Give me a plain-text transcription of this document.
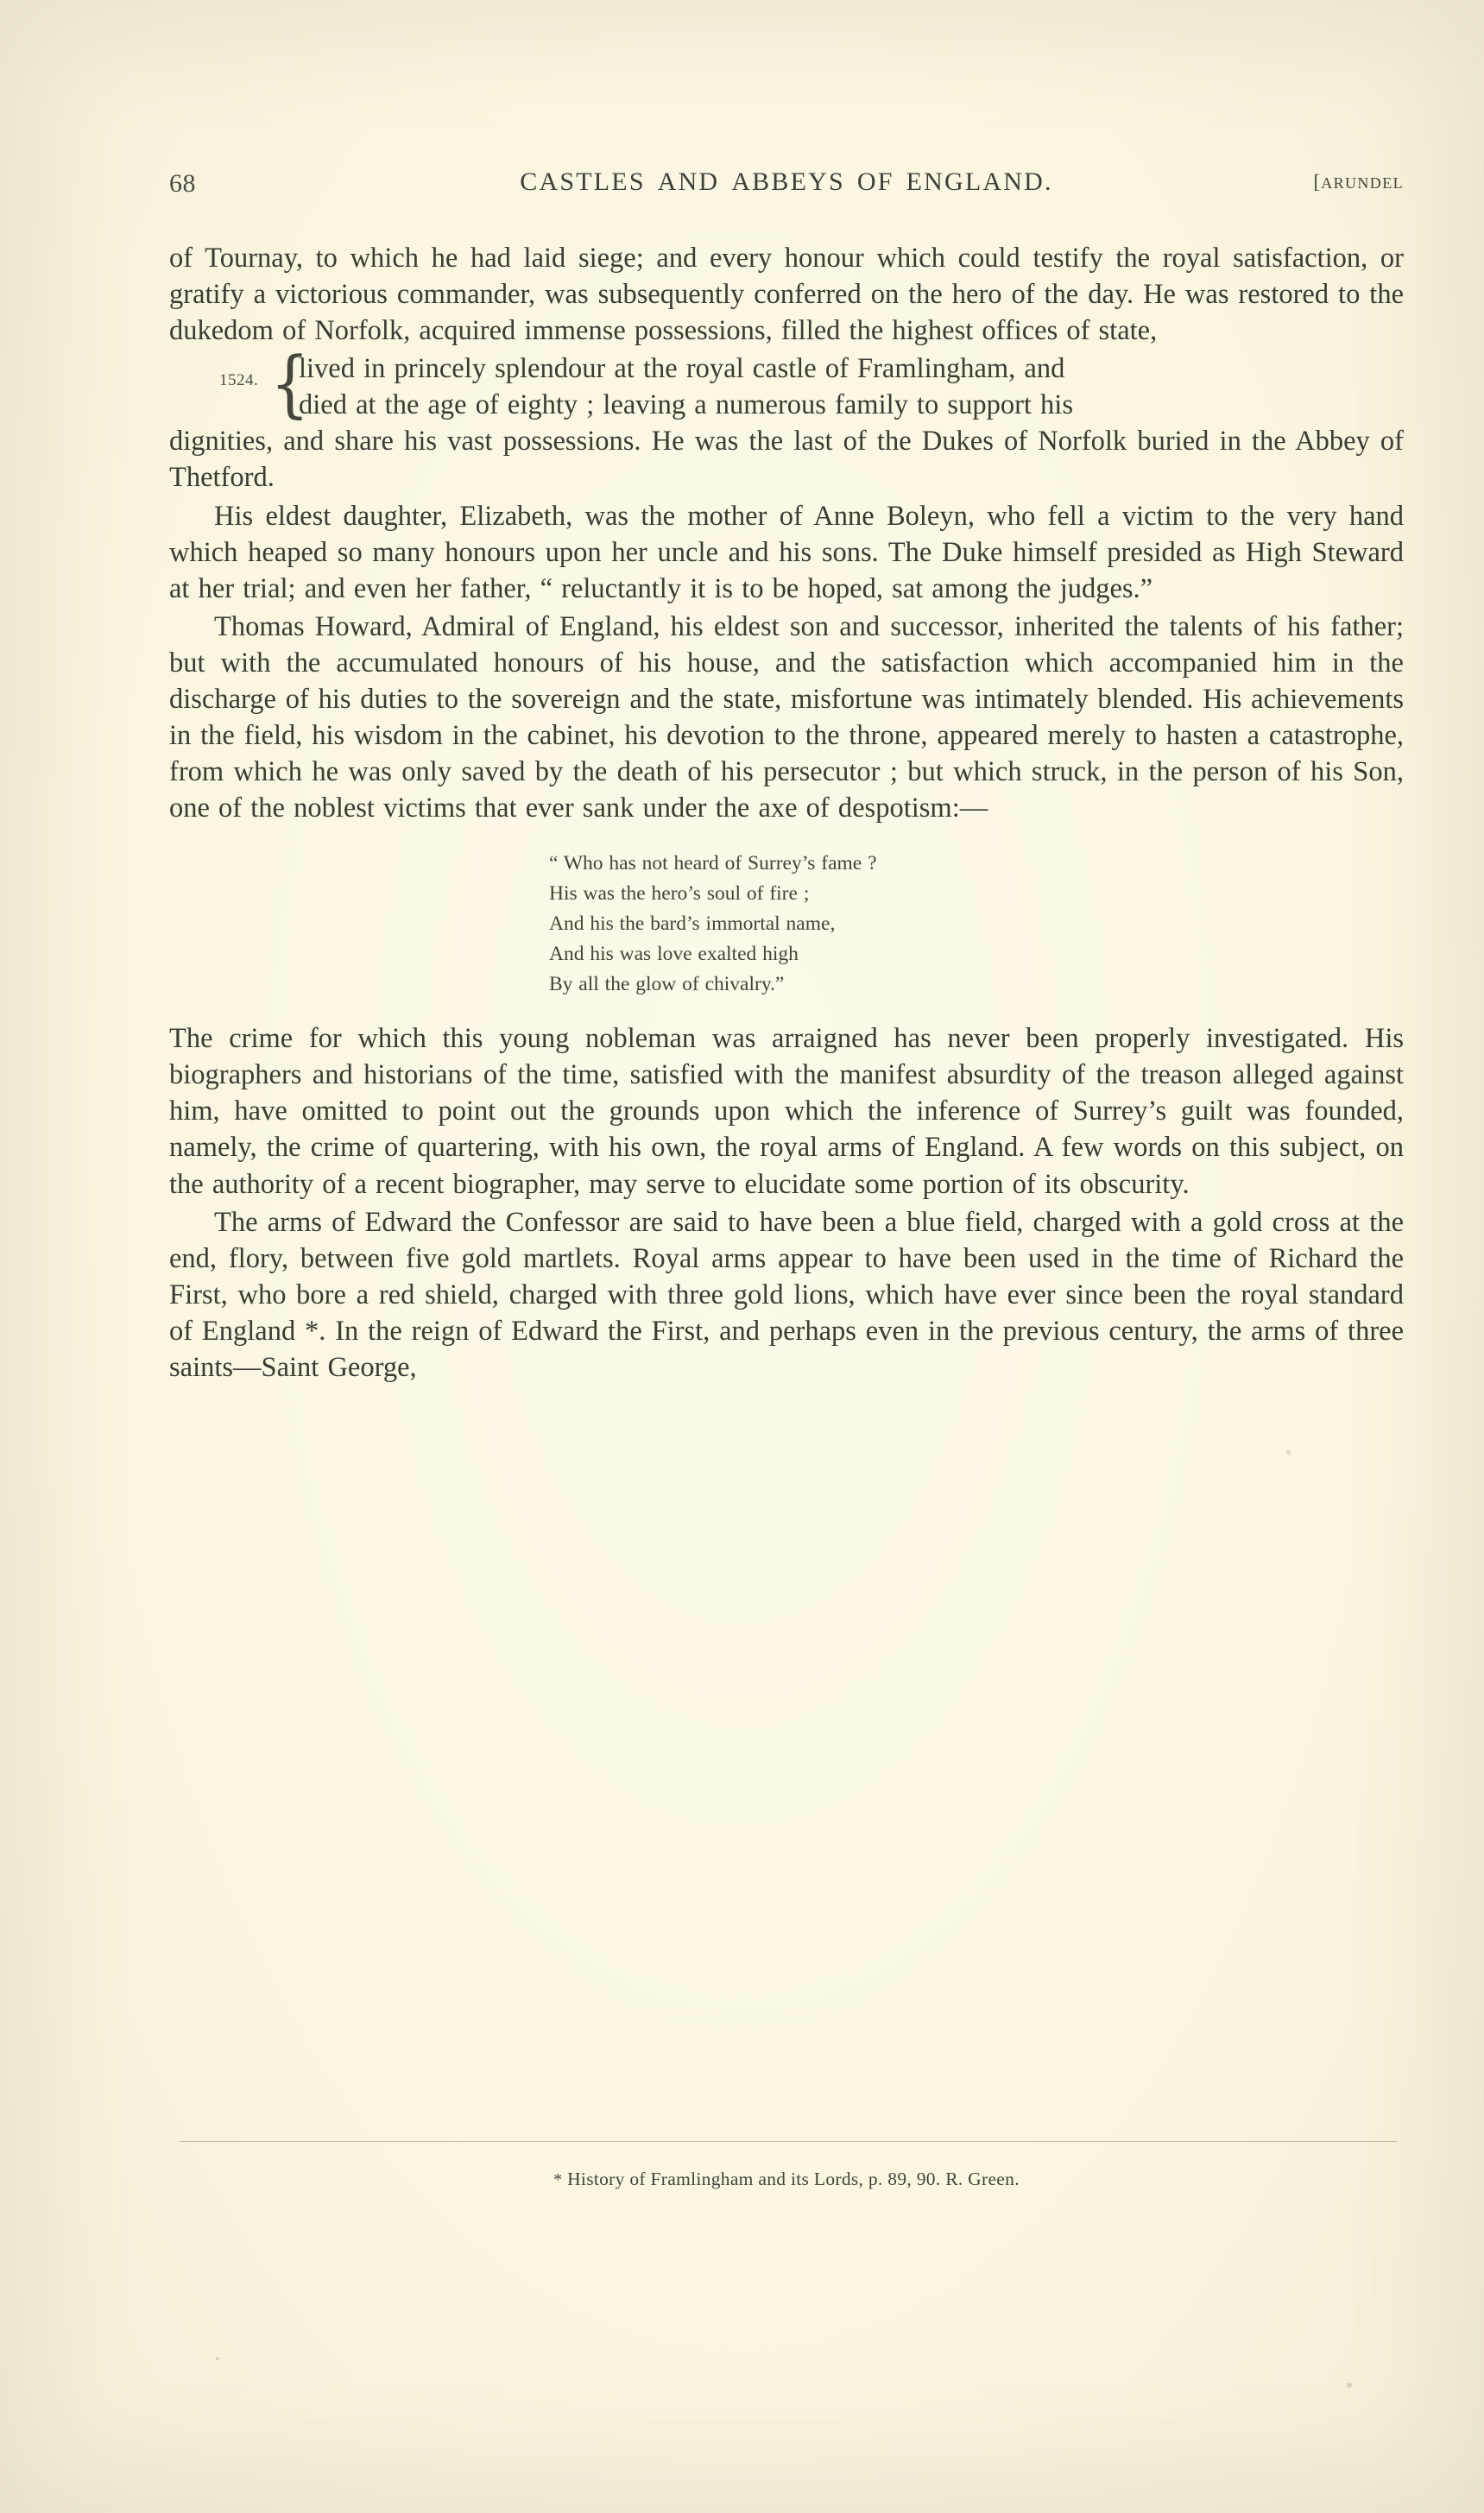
68	CASTLES AND ABBEYS OF ENGLAND.	[ARUNDEL

of Tournay, to which he had laid siege; and every honour which could testify the royal satisfaction, or gratify a victorious commander, was subsequently conferred on the hero of the day. He was restored to the dukedom of Norfolk, acquired immense possessions, filled the highest offices of state,

1524. {
lived in princely splendour at the royal castle of Framlingham, and
died at the age of eighty ; leaving a numerous family to support his

dignities, and share his vast possessions. He was the last of the Dukes of Norfolk buried in the Abbey of Thetford.

His eldest daughter, Elizabeth, was the mother of Anne Boleyn, who fell a victim to the very hand which heaped so many honours upon her uncle and his sons. The Duke himself presided as High Steward at her trial; and even her father, “ reluctantly it is to be hoped, sat among the judges.”

Thomas Howard, Admiral of England, his eldest son and successor, inherited the talents of his father; but with the accumulated honours of his house, and the satisfaction which accompanied him in the discharge of his duties to the sovereign and the state, misfortune was intimately blended. His achievements in the field, his wisdom in the cabinet, his devotion to the throne, appeared merely to hasten a catastrophe, from which he was only saved by the death of his persecutor ; but which struck, in the person of his Son, one of the noblest victims that ever sank under the axe of despotism:—

“ Who has not heard of Surrey’s fame ?
His was the hero’s soul of fire ;
And his the bard’s immortal name,
And his was love exalted high
By all the glow of chivalry.”

The crime for which this young nobleman was arraigned has never been properly investigated. His biographers and historians of the time, satisfied with the manifest absurdity of the treason alleged against him, have omitted to point out the grounds upon which the inference of Surrey’s guilt was founded, namely, the crime of quartering, with his own, the royal arms of England. A few words on this subject, on the authority of a recent biographer, may serve to elucidate some portion of its obscurity.

The arms of Edward the Confessor are said to have been a blue field, charged with a gold cross at the end, flory, between five gold martlets. Royal arms appear to have been used in the time of Richard the First, who bore a red shield, charged with three gold lions, which have ever since been the royal standard of England *. In the reign of Edward the First, and perhaps even in the previous century, the arms of three saints—Saint George,

* History of Framlingham and its Lords, p. 89, 90. R. Green.
